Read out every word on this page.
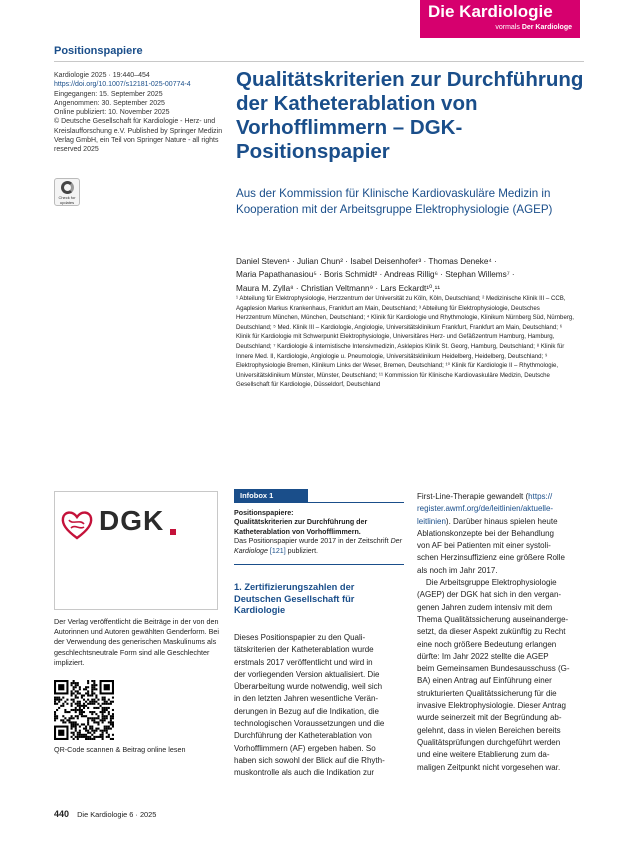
Die Kardiologie
vormals Der Kardiologe
Positionspapiere
Kardiologie 2025 · 19:440–454
https://doi.org/10.1007/s12181-025-00774-4
Eingegangen: 15. September 2025
Angenommen: 30. September 2025
Online publiziert: 10. November 2025
© Deutsche Gesellschaft für Kardiologie - Herz- und Kreislaufforschung e.V. Published by Springer Medizin Verlag GmbH, ein Teil von Springer Nature - all rights reserved 2025
Check for updates
Qualitätskriterien zur Durchführung der Katheterablation von Vorhofflimmern – DGK-Positionspapier
Aus der Kommission für Klinische Kardiovaskuläre Medizin in Kooperation mit der Arbeitsgruppe Elektrophysiologie (AGEP)
Daniel Steven¹ · Julian Chun² · Isabel Deisenhofer³ · Thomas Deneke⁴ ·
Maria Papathanasiou⁵ · Boris Schmidt² · Andreas Rillig⁶ · Stephan Willems⁷ ·
Maura M. Zylla⁸ · Christian Veltmann⁹ · Lars Eckardt¹⁰,¹¹
¹ Abteilung für Elektrophysiologie, Herzzentrum der Universität zu Köln, Köln, Deutschland; ² Medizinische Klinik III – CCB, Agaplesion Markus Krankenhaus, Frankfurt am Main, Deutschland; ³ Abteilung für Elektrophysiologie, Deutsches Herzzentrum München, München, Deutschland; ⁴ Klinik für Kardiologie und Rhythmologie, Klinikum Nürnberg Süd, Nürnberg, Deutschland; ⁵ Med. Klinik III – Kardiologie, Angiologie, Universitätsklinikum Frankfurt, Frankfurt am Main, Deutschland; ⁶ Klinik für Kardiologie mit Schwerpunkt Elektrophysiologie, Universitäres Herz- und Gefäßzentrum Hamburg, Hamburg, Deutschland; ⁷ Kardiologie & internistische Intensivmedizin, Asklepios Klinik St. Georg, Hamburg, Deutschland; ⁸ Klinik für Innere Med. II, Kardiologie, Angiologie u. Pneumologie, Universitätsklinikum Heidelberg, Heidelberg, Deutschland; ⁹ Elektrophysiologie Bremen, Klinikum Links der Weser, Bremen, Deutschland; ¹⁰ Klinik für Kardiologie II – Rhythmologie, Universitätsklinikum Münster, Münster, Deutschland; ¹¹ Kommission für Klinische Kardiovaskuläre Medizin, Deutsche Gesellschaft für Kardiologie, Düsseldorf, Deutschland
DGK
Der Verlag veröffentlicht die Beiträge in der von den Autorinnen und Autoren gewählten Genderform. Bei der Verwendung des generischen Maskulinums als geschlechtsneutrale Form sind alle Geschlechter impliziert.
QR-Code scannen & Beitrag online lesen
Infobox 1
Positionspapiere:
Qualitätskriterien zur Durchführung der Katheterablation von Vorhofflimmern.
Das Positionspapier wurde 2017 in der Zeitschrift Der Kardiologe [121] publiziert.
1. Zertifizierungszahlen der Deutschen Gesellschaft für Kardiologie
Dieses Positionspapier zu den Quali-
tätskriterien der Katheterablation wurde
erstmals 2017 veröffentlicht und wird in
der vorliegenden Version aktualisiert. Die
Überarbeitung wurde notwendig, weil sich
in den letzten Jahren wesentliche Verän-
derungen in Bezug auf die Indikation, die
technologischen Voraussetzungen und die
Durchführung der Katheterablation von
Vorhofflimmern (AF) ergeben haben. So
haben sich sowohl der Blick auf die Rhyth-
muskontrolle als auch die Indikation zur
First-Line-Therapie gewandelt (https://
register.awmf.org/de/leitlinien/aktuelle-
leitlinien). Darüber hinaus spielen heute
Ablationskonzepte bei der Behandlung
von AF bei Patienten mit einer systoli-
schen Herzinsuffizienz eine größere Rolle
als noch im Jahr 2017.
Die Arbeitsgruppe Elektrophysiologie
(AGEP) der DGK hat sich in den vergan-
genen Jahren zudem intensiv mit dem
Thema Qualitätssicherung auseinanderge-
setzt, da dieser Aspekt zukünftig zu Recht
eine noch größere Bedeutung erlangen
dürfte: Im Jahr 2022 stellte die AGEP
beim Gemeinsamen Bundesausschuss (G-
BA) einen Antrag auf Einführung einer
strukturierten Qualitätssicherung für die
invasive Elektrophysiologie. Dieser Antrag
wurde seinerzeit mit der Begründung ab-
gelehnt, dass in vielen Bereichen bereits
Qualitätsprüfungen durchgeführt werden
und eine weitere Etablierung zum da-
maligen Zeitpunkt nicht vorgesehen war.
440 Die Kardiologie 6 · 2025
